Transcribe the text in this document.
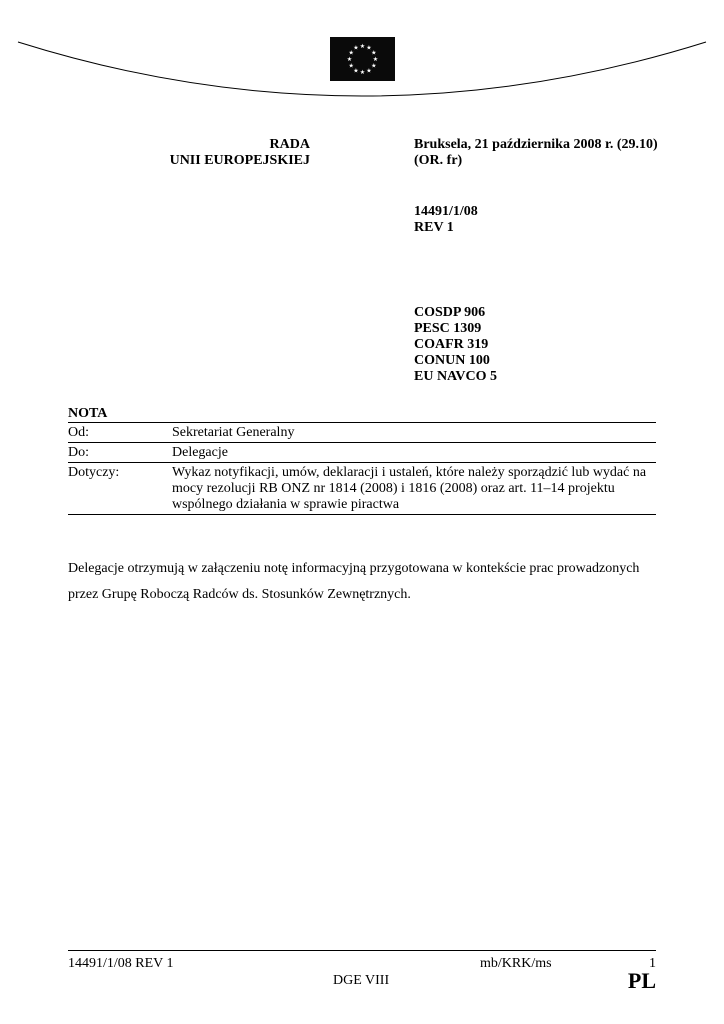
★ ★
★
★
★
★
★
★
★
★
★
★
RADA
UNII EUROPEJSKIEJ
Bruksela, 21 października 2008 r. (29.10)
(OR. fr)
14491/1/08
REV 1
COSDP 906
PESC 1309
COAFR 319
CONUN 100
EU NAVCO 5
NOTA
Od:	Sekretariat Generalny
Do:	Delegacje
Dotyczy:	Wykaz notyfikacji, umów, deklaracji i ustaleń, które należy sporządzić lub wydać na mocy rezolucji RB ONZ nr 1814 (2008) i 1816 (2008) oraz art. 11–14 projektu wspólnego działania w sprawie piractwa
Delegacje otrzymują w załączeniu notę informacyjną przygotowana w kontekście prac prowadzonych przez Grupę Roboczą Radców ds. Stosunków Zewnętrznych.
14491/1/08 REV 1	mb/KRK/ms	1
DGE VIII	PL
